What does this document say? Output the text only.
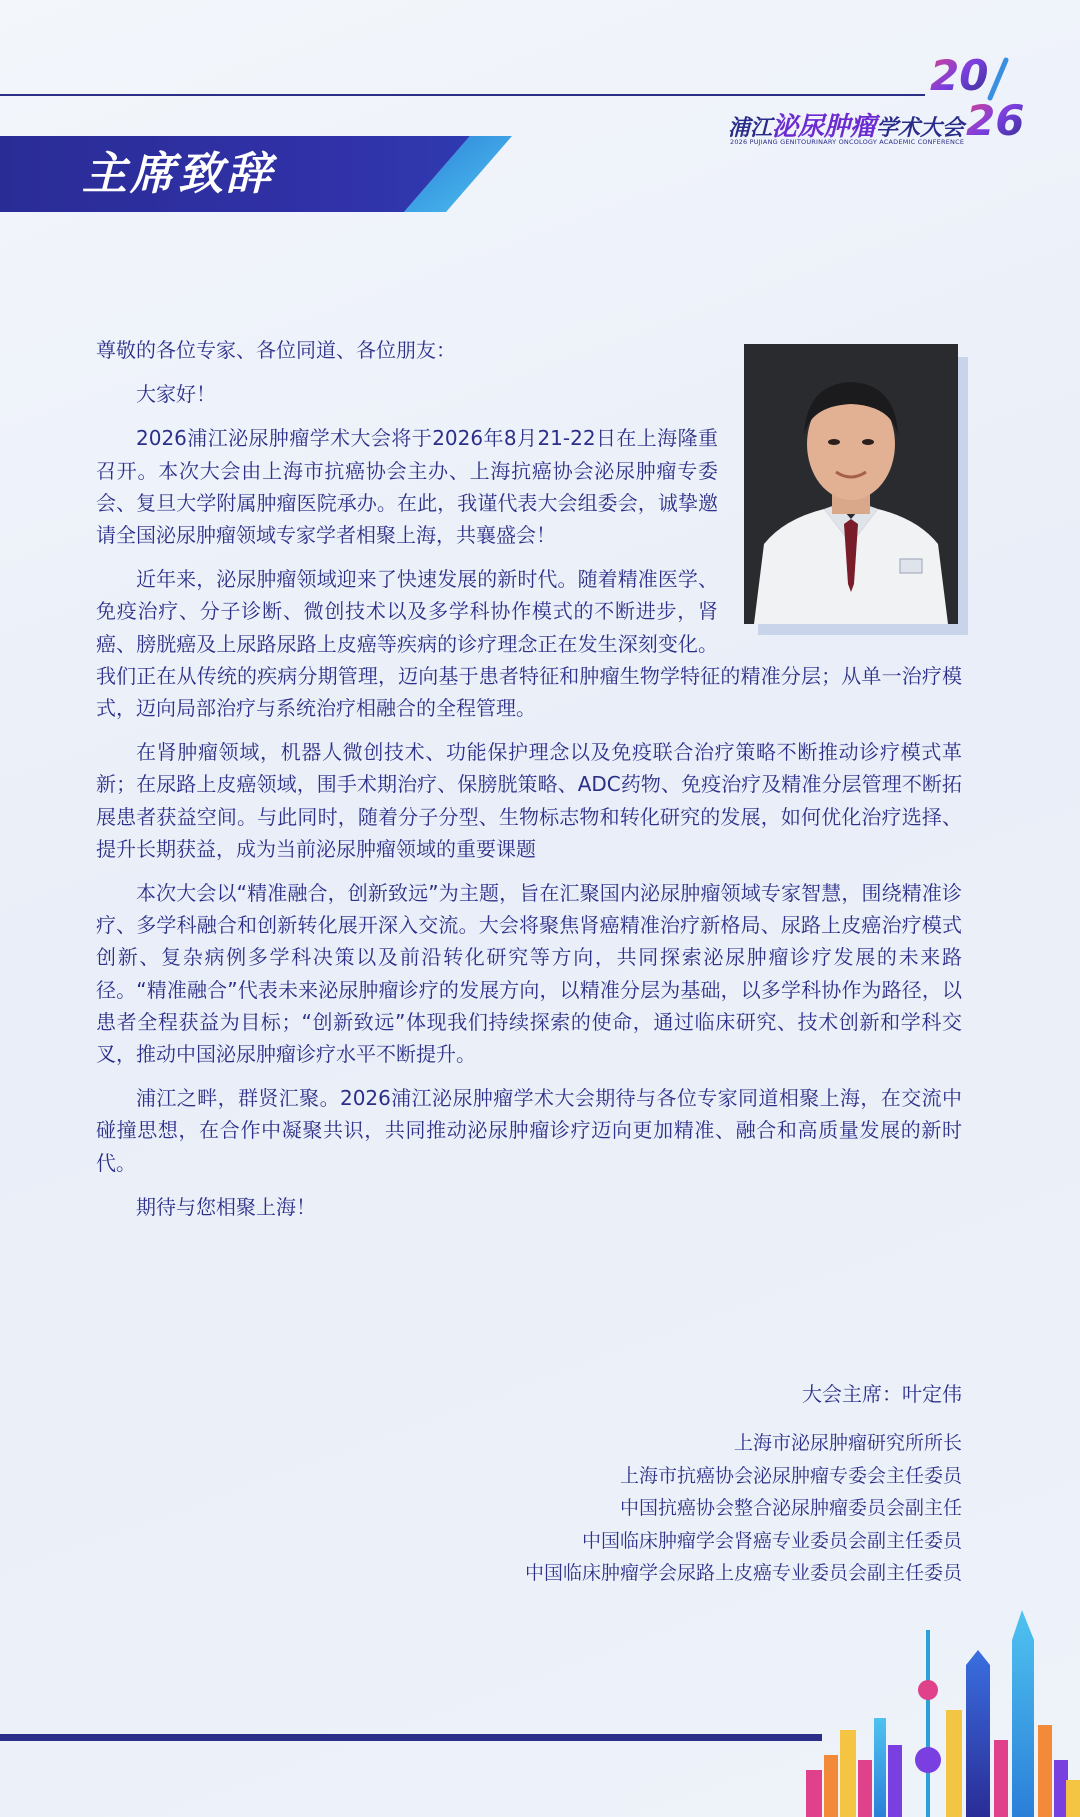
20
26
浦江泌尿肿瘤学术大会
2026 PUJIANG GENITOURINARY ONCOLOGY ACADEMIC CONFERENCE
主席致辞

尊敬的各位专家、各位同道、各位朋友：

大家好！

2026浦江泌尿肿瘤学术大会将于2026年8月21-22日在上海隆重召开。本次大会由上海市抗癌协会主办、上海抗癌协会泌尿肿瘤专委会、复旦大学附属肿瘤医院承办。在此，我谨代表大会组委会，诚挚邀请全国泌尿肿瘤领域专家学者相聚上海，共襄盛会！

近年来，泌尿肿瘤领域迎来了快速发展的新时代。随着精准医学、免疫治疗、分子诊断、微创技术以及多学科协作模式的不断进步，肾癌、膀胱癌及上尿路尿路上皮癌等疾病的诊疗理念正在发生深刻变化。我们正在从传统的疾病分期管理，迈向基于患者特征和肿瘤生物学特征的精准分层；从单一治疗模式，迈向局部治疗与系统治疗相融合的全程管理。

在肾肿瘤领域，机器人微创技术、功能保护理念以及免疫联合治疗策略不断推动诊疗模式革新；在尿路上皮癌领域，围手术期治疗、保膀胱策略、ADC药物、免疫治疗及精准分层管理不断拓展患者获益空间。与此同时，随着分子分型、生物标志物和转化研究的发展，如何优化治疗选择、提升长期获益，成为当前泌尿肿瘤领域的重要课题

本次大会以“精准融合，创新致远”为主题，旨在汇聚国内泌尿肿瘤领域专家智慧，围绕精准诊疗、多学科融合和创新转化展开深入交流。大会将聚焦肾癌精准治疗新格局、尿路上皮癌治疗模式创新、复杂病例多学科决策以及前沿转化研究等方向，共同探索泌尿肿瘤诊疗发展的未来路径。“精准融合”代表未来泌尿肿瘤诊疗的发展方向，以精准分层为基础，以多学科协作为路径，以患者全程获益为目标；“创新致远”体现我们持续探索的使命，通过临床研究、技术创新和学科交叉，推动中国泌尿肿瘤诊疗水平不断提升。

浦江之畔，群贤汇聚。2026浦江泌尿肿瘤学术大会期待与各位专家同道相聚上海，在交流中碰撞思想，在合作中凝聚共识，共同推动泌尿肿瘤诊疗迈向更加精准、融合和高质量发展的新时代。

期待与您相聚上海！

大会主席：叶定伟
上海市泌尿肿瘤研究所所长
上海市抗癌协会泌尿肿瘤专委会主任委员
中国抗癌协会整合泌尿肿瘤委员会副主任
中国临床肿瘤学会肾癌专业委员会副主任委员
中国临床肿瘤学会尿路上皮癌专业委员会副主任委员
